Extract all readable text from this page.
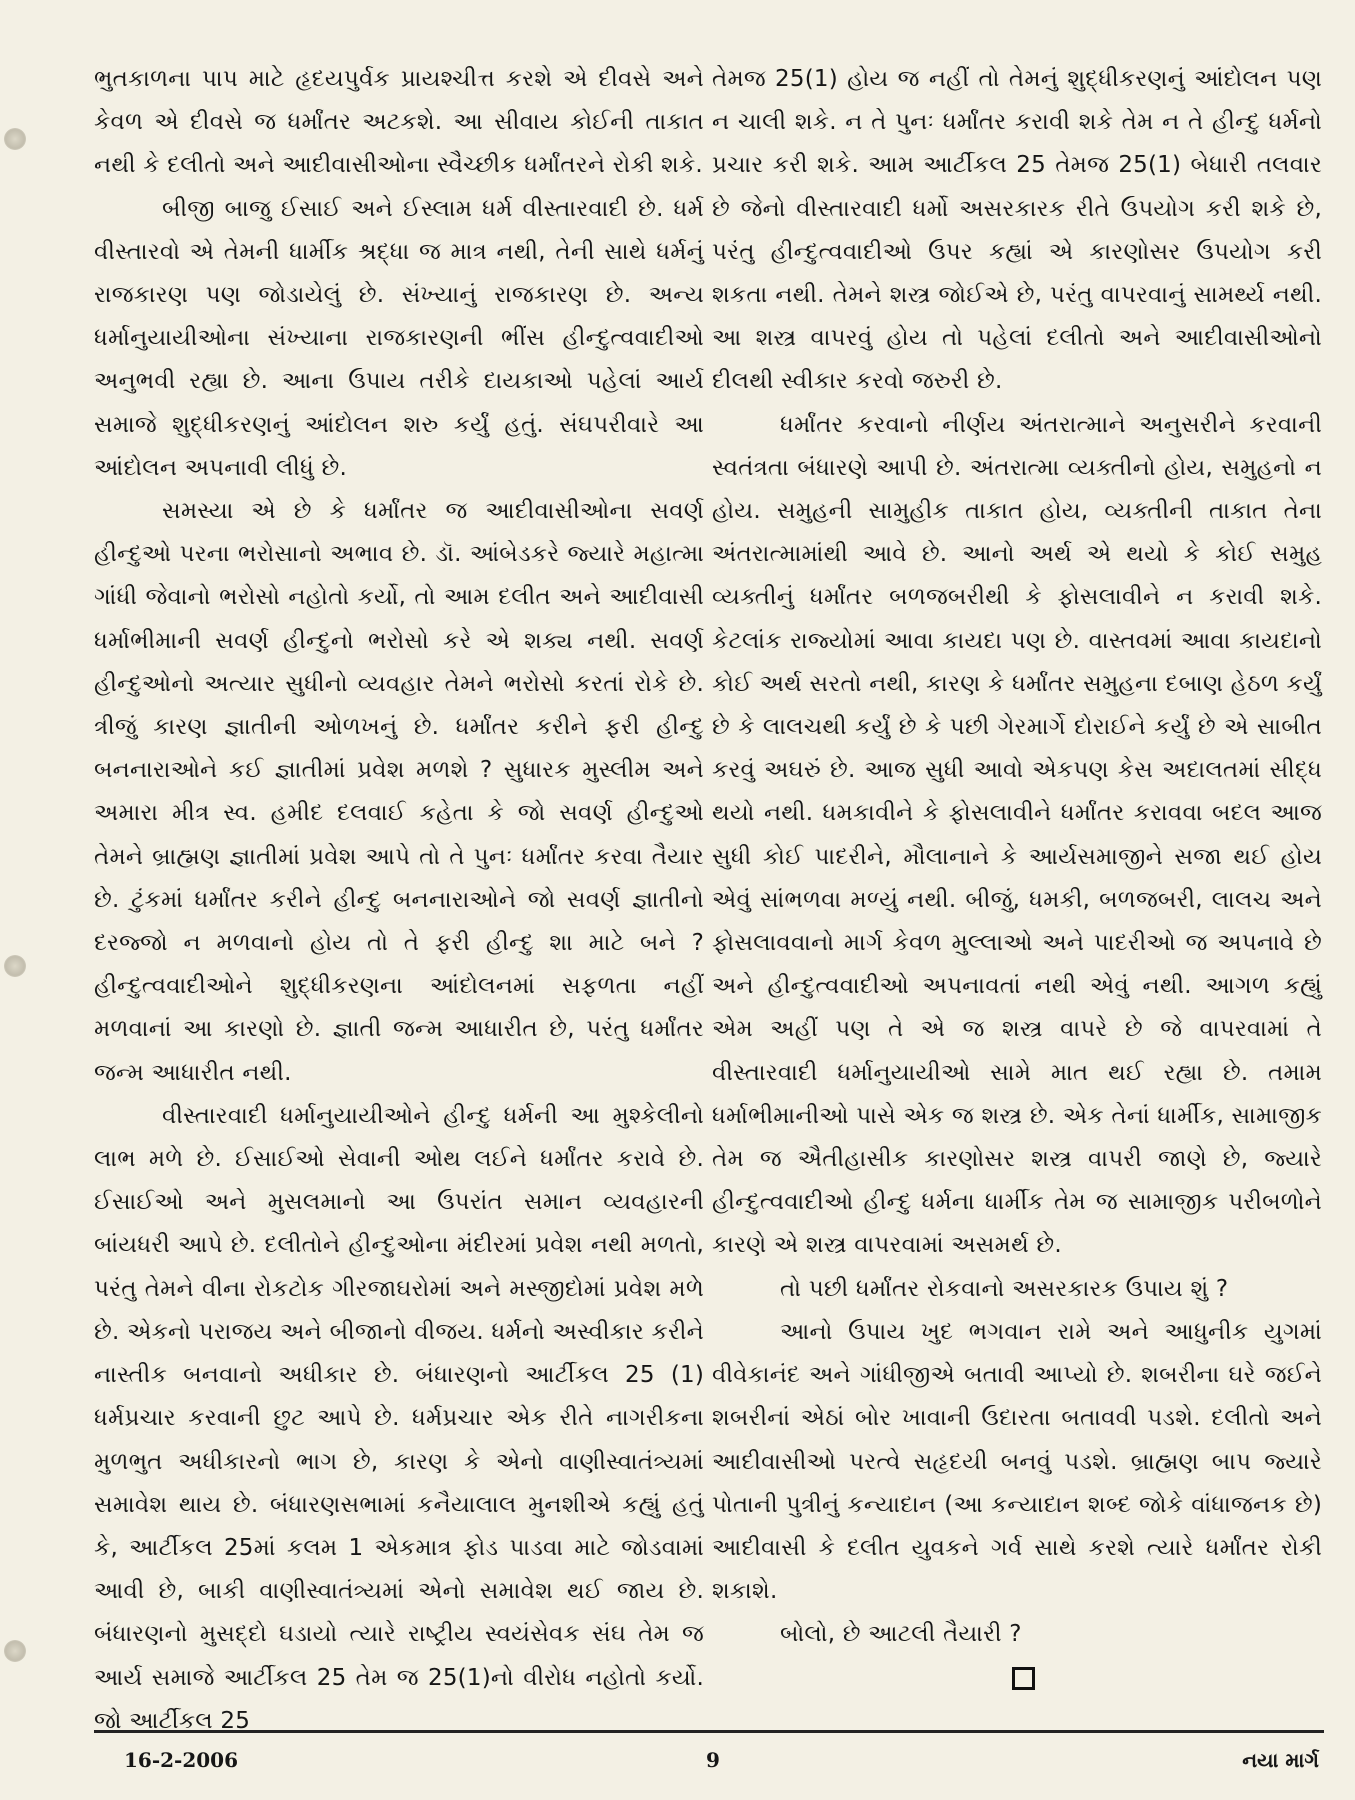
ભુતકાળના પાપ માટે હૃદયપુર્વક પ્રાયશ્ચીત્ત કરશે એ દીવસે અને કેવળ એ દીવસે જ ધર્માંતર અટકશે. આ સીવાય કોઈની તાકાત નથી કે દલીતો અને આદીવાસીઓના સ્વૈચ્છીક ધર્માંતરને રોકી શકે.

બીજી બાજુ ઈસાઈ અને ઈસ્લામ ધર્મ વીસ્તારવાદી છે. ધર્મ વીસ્તારવો એ તેમની ધાર્મીક શ્રદ્ધા જ માત્ર નથી, તેની સાથે ધર્મનું રાજકારણ પણ જોડાયેલું છે. સંખ્યાનું રાજકારણ છે. અન્ય ધર્માનુયાયીઓના સંખ્યાના રાજકારણની ભીંસ હીન્દુત્વવાદીઓ અનુભવી રહ્યા છે. આના ઉપાય તરીકે દાયકાઓ પહેલાં આર્ય સમાજે શુદ્ધીકરણનું આંદોલન શરુ કર્યું હતું. સંઘપરીવારે આ આંદોલન અપનાવી લીધું છે.

સમસ્યા એ છે કે ધર્માંતર જ આદીવાસીઓના સવર્ણ હીન્દુઓ પરના ભરોસાનો અભાવ છે. ડૉ. આંબેડકરે જ્યારે મહાત્મા ગાંધી જેવાનો ભરોસો નહોતો કર્યો, તો આમ દલીત અને આદીવાસી ધર્માભીમાની સવર્ણ હીન્દુનો ભરોસો કરે એ શક્ય નથી. સવર્ણ હીન્દુઓનો અત્યાર સુધીનો વ્યવહાર તેમને ભરોસો કરતાં રોકે છે. ત્રીજું કારણ જ્ઞાતીની ઓળખનું છે. ધર્માંતર કરીને ફરી હીન્દુ બનનારાઓને કઈ જ્ઞાતીમાં પ્રવેશ મળશે ? સુધારક મુસ્લીમ અને અમારા મીત્ર સ્વ. હમીદ દલવાઈ કહેતા કે જો સવર્ણ હીન્દુઓ તેમને બ્રાહ્મણ જ્ઞાતીમાં પ્રવેશ આપે તો તે પુનઃ ધર્માંતર કરવા તૈયાર છે. ટુંકમાં ધર્માંતર કરીને હીન્દુ બનનારાઓને જો સવર્ણ જ્ઞાતીનો દરજ્જો ન મળવાનો હોય તો તે ફરી હીન્દુ શા માટે બને ? હીન્દુત્વવાદીઓને શુદ્ધીકરણના આંદોલનમાં સફળતા નહીં મળવાનાં આ કારણો છે. જ્ઞાતી જન્મ આધારીત છે, પરંતુ ધર્માંતર જન્મ આધારીત નથી.

વીસ્તારવાદી ધર્માનુયાયીઓને હીન્દુ ધર્મની આ મુશ્કેલીનો લાભ મળે છે. ઈસાઈઓ સેવાની ઓથ લઈને ધર્માંતર કરાવે છે. ઈસાઈઓ અને મુસલમાનો આ ઉપરાંત સમાન વ્યવહારની બાંયધરી આપે છે. દલીતોને હીન્દુઓના મંદીરમાં પ્રવેશ નથી મળતો, પરંતુ તેમને વીના રોકટોક ગીરજાઘરોમાં અને મસ્જીદોમાં પ્રવેશ મળે છે. એકનો પરાજય અને બીજાનો વીજય. ધર્મનો અસ્વીકાર કરીને નાસ્તીક બનવાનો અધીકાર છે. બંધારણનો આર્ટીકલ 25 (1) ધર્મપ્રચાર કરવાની છુટ આપે છે. ધર્મપ્રચાર એક રીતે નાગરીકના મુળભુત અધીકારનો ભાગ છે, કારણ કે એનો વાણીસ્વાતંત્ર્યમાં સમાવેશ થાય છે. બંધારણસભામાં કનૈયાલાલ મુનશીએ કહ્યું હતું કે, આર્ટીકલ 25માં કલમ 1 એકમાત્ર ફોડ પાડવા માટે જોડવામાં આવી છે, બાકી વાણીસ્વાતંત્ર્યમાં એનો સમાવેશ થઈ જાય છે. બંધારણનો મુસદ્દો ઘડાયો ત્યારે રાષ્ટ્રીય સ્વયંસેવક સંઘ તેમ જ આર્ય સમાજે આર્ટીકલ 25 તેમ જ 25(1)નો વીરોધ નહોતો કર્યો. જો આર્ટીકલ 25

તેમજ 25(1) હોય જ નહીં તો તેમનું શુદ્ધીકરણનું આંદોલન પણ ન ચાલી શકે. ન તે પુનઃ ધર્માંતર કરાવી શકે તેમ ન તે હીન્દુ ધર્મનો પ્રચાર કરી શકે. આમ આર્ટીકલ 25 તેમજ 25(1) બેધારી તલવાર છે જેનો વીસ્તારવાદી ધર્મો અસરકારક રીતે ઉપયોગ કરી શકે છે, પરંતુ હીન્દુત્વવાદીઓ ઉપર કહ્યાં એ કારણોસર ઉપયોગ કરી શકતા નથી. તેમને શસ્ત્ર જોઈએ છે, પરંતુ વાપરવાનું સામર્થ્ય નથી. આ શસ્ત્ર વાપરવું હોય તો પહેલાં દલીતો અને આદીવાસીઓનો દીલથી સ્વીકાર કરવો જરુરી છે.

ધર્માંતર કરવાનો નીર્ણય અંતરાત્માને અનુસરીને કરવાની સ્વતંત્રતા બંધારણે આપી છે. અંતરાત્મા વ્યક્તીનો હોય, સમુહનો ન હોય. સમુહની સામુહીક તાકાત હોય, વ્યક્તીની તાકાત તેના અંતરાત્મામાંથી આવે છે. આનો અર્થ એ થયો કે કોઈ સમુહ વ્યક્તીનું ધર્માંતર બળજબરીથી કે ફોસલાવીને ન કરાવી શકે. કેટલાંક રાજ્યોમાં આવા કાયદા પણ છે. વાસ્તવમાં આવા કાયદાનો કોઈ અર્થ સરતો નથી, કારણ કે ધર્માંતર સમુહના દબાણ હેઠળ કર્યું છે કે લાલચથી કર્યું છે કે પછી ગેરમાર્ગે દોરાઈને કર્યું છે એ સાબીત કરવું અઘરું છે. આજ સુધી આવો એકપણ કેસ અદાલતમાં સીદ્ધ થયો નથી. ધમકાવીને કે ફોસલાવીને ધર્માંતર કરાવવા બદલ આજ સુધી કોઈ પાદરીને, મૌલાનાને કે આર્યસમાજીને સજા થઈ હોય એવું સાંભળવા મળ્યું નથી. બીજું, ધમકી, બળજબરી, લાલચ અને ફોસલાવવાનો માર્ગ કેવળ મુલ્લાઓ અને પાદરીઓ જ અપનાવે છે અને હીન્દુત્વવાદીઓ અપનાવતાં નથી એવું નથી. આગળ કહ્યું એમ અહીં પણ તે એ જ શસ્ત્ર વાપરે છે જે વાપરવામાં તે વીસ્તારવાદી ધર્માનુયાયીઓ સામે માત થઈ રહ્યા છે. તમામ ધર્માભીમાનીઓ પાસે એક જ શસ્ત્ર છે. એક તેનાં ધાર્મીક, સામાજીક તેમ જ ઐતીહાસીક કારણોસર શસ્ત્ર વાપરી જાણે છે, જ્યારે હીન્દુત્વવાદીઓ હીન્દુ ધર્મના ધાર્મીક તેમ જ સામાજીક પરીબળોને કારણે એ શસ્ત્ર વાપરવામાં અસમર્થ છે.

તો પછી ધર્માંતર રોકવાનો અસરકારક ઉપાય શું ?

આનો ઉપાય ખુદ ભગવાન રામે અને આધુનીક યુગમાં વીવેકાનંદ અને ગાંધીજીએ બતાવી આપ્યો છે. શબરીના ઘરે જઈને શબરીનાં એઠાં બોર ખાવાની ઉદારતા બતાવવી પડશે. દલીતો અને આદીવાસીઓ પરત્વે સહૃદયી બનવું પડશે. બ્રાહ્મણ બાપ જ્યારે પોતાની પુત્રીનું કન્યાદાન (આ કન્યાદાન શબ્દ જોકે વાંધાજનક છે) આદીવાસી કે દલીત યુવકને ગર્વ સાથે કરશે ત્યારે ધર્માંતર રોકી શકાશે.

બોલો, છે આટલી તૈયારી ?

16-2-2006	9	નયા માર્ગ
